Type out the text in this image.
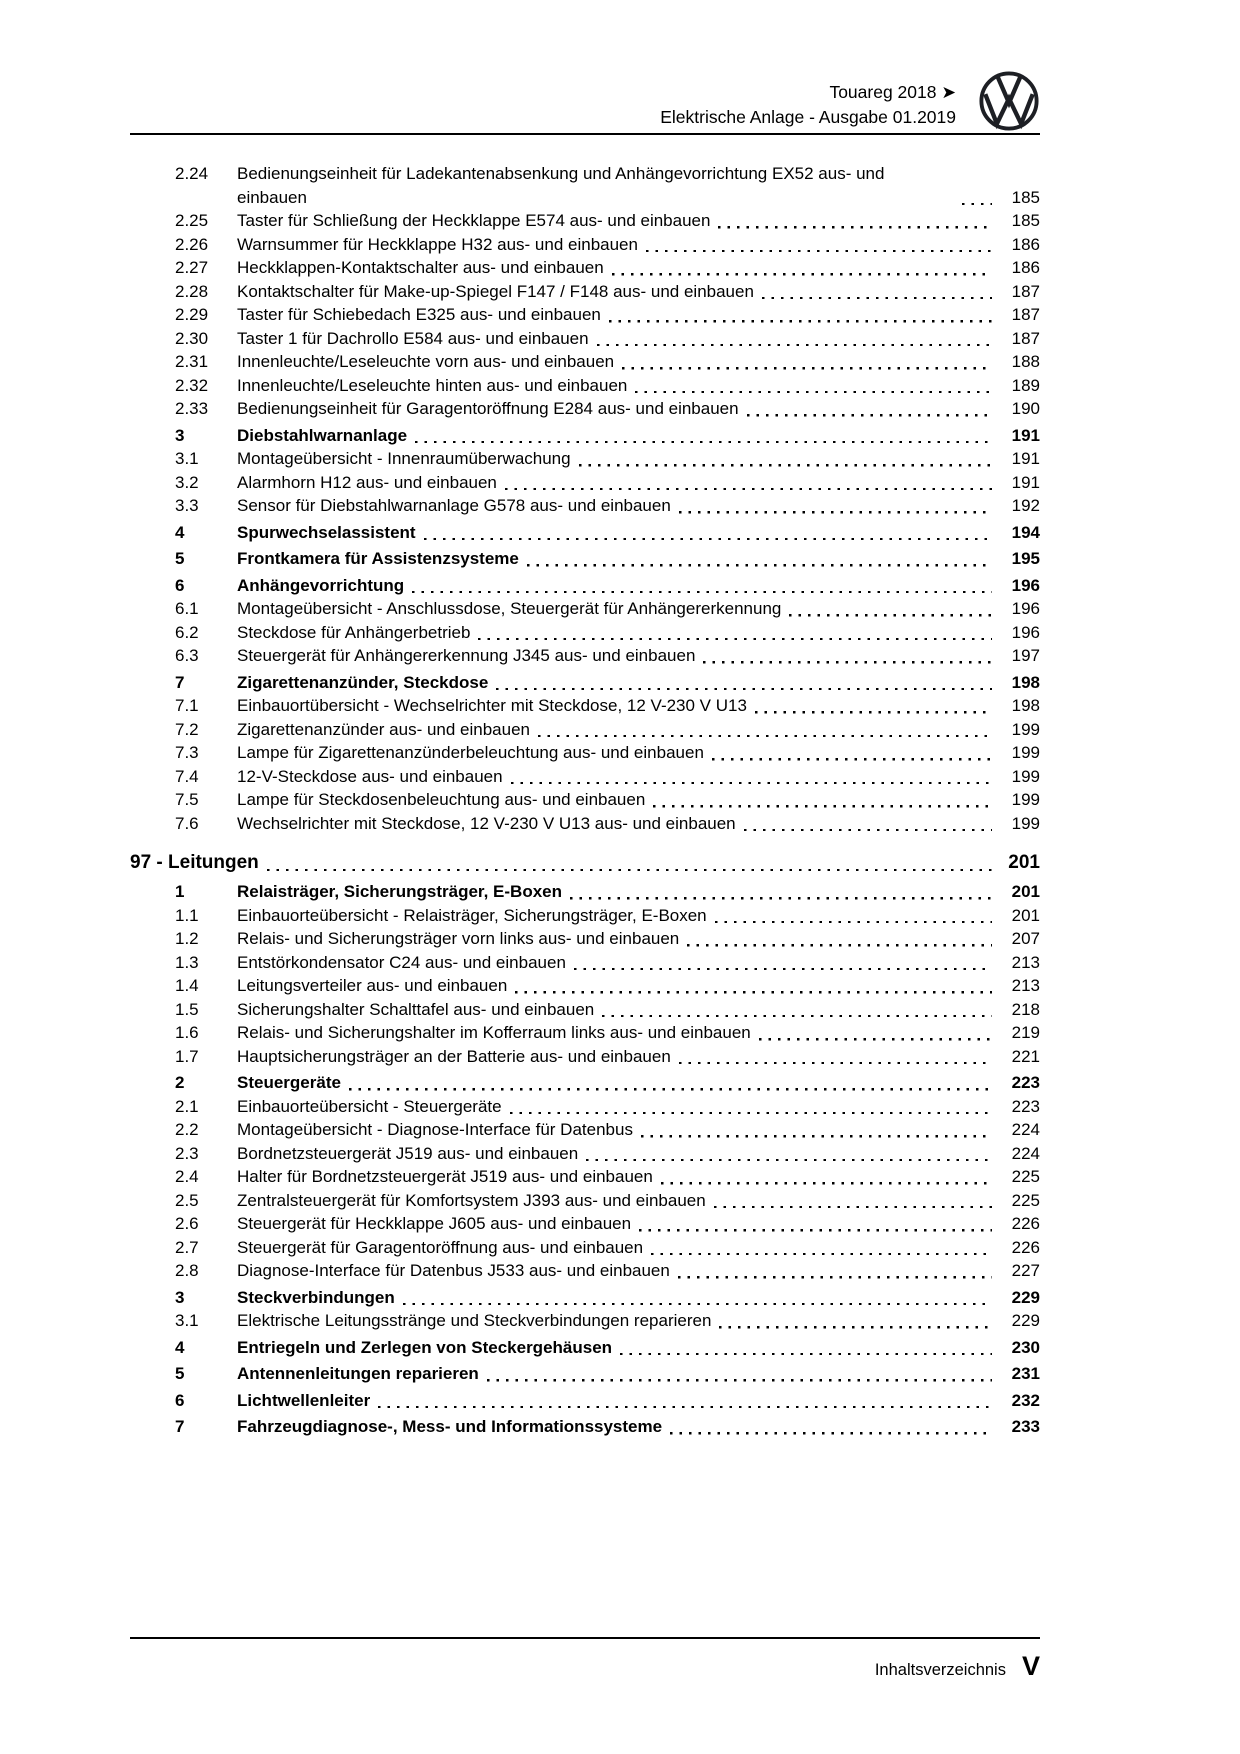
Touareg 2018 ➤
Elektrische Anlage - Ausgabe 01.2019
2.24	Bedienungseinheit für Ladekantenabsenkung und Anhängevorrichtung EX52 aus- und einbauen	185
2.25	Taster für Schließung der Heckklappe E574 aus- und einbauen	185
2.26	Warnsummer für Heckklappe H32 aus- und einbauen	186
2.27	Heckklappen-Kontaktschalter aus- und einbauen	186
2.28	Kontaktschalter für Make-up-Spiegel F147 / F148 aus- und einbauen	187
2.29	Taster für Schiebedach E325 aus- und einbauen	187
2.30	Taster 1 für Dachrollo E584 aus- und einbauen	187
2.31	Innenleuchte/Leseleuchte vorn aus- und einbauen	188
2.32	Innenleuchte/Leseleuchte hinten aus- und einbauen	189
2.33	Bedienungseinheit für Garagentoröffnung E284 aus- und einbauen	190
3	Diebstahlwarnanlage	191
3.1	Montageübersicht - Innenraumüberwachung	191
3.2	Alarmhorn H12 aus- und einbauen	191
3.3	Sensor für Diebstahlwarnanlage G578 aus- und einbauen	192
4	Spurwechselassistent	194
5	Frontkamera für Assistenzsysteme	195
6	Anhängevorrichtung	196
6.1	Montageübersicht - Anschlussdose, Steuergerät für Anhängererkennung	196
6.2	Steckdose für Anhängerbetrieb	196
6.3	Steuergerät für Anhängererkennung J345 aus- und einbauen	197
7	Zigarettenanzünder, Steckdose	198
7.1	Einbauortübersicht - Wechselrichter mit Steckdose, 12 V-230 V U13	198
7.2	Zigarettenanzünder aus- und einbauen	199
7.3	Lampe für Zigarettenanzünderbeleuchtung aus- und einbauen	199
7.4	12-V-Steckdose aus- und einbauen	199
7.5	Lampe für Steckdosenbeleuchtung aus- und einbauen	199
7.6	Wechselrichter mit Steckdose, 12 V-230 V U13 aus- und einbauen	199
97 - Leitungen	201
1	Relaisträger, Sicherungsträger, E-Boxen	201
1.1	Einbauorteübersicht - Relaisträger, Sicherungsträger, E-Boxen	201
1.2	Relais- und Sicherungsträger vorn links aus- und einbauen	207
1.3	Entstörkondensator C24 aus- und einbauen	213
1.4	Leitungsverteiler aus- und einbauen	213
1.5	Sicherungshalter Schalttafel aus- und einbauen	218
1.6	Relais- und Sicherungshalter im Kofferraum links aus- und einbauen	219
1.7	Hauptsicherungsträger an der Batterie aus- und einbauen	221
2	Steuergeräte	223
2.1	Einbauorteübersicht - Steuergeräte	223
2.2	Montageübersicht - Diagnose-Interface für Datenbus	224
2.3	Bordnetzsteuergerät J519 aus- und einbauen	224
2.4	Halter für Bordnetzsteuergerät J519 aus- und einbauen	225
2.5	Zentralsteuergerät für Komfortsystem J393 aus- und einbauen	225
2.6	Steuergerät für Heckklappe J605 aus- und einbauen	226
2.7	Steuergerät für Garagentoröffnung aus- und einbauen	226
2.8	Diagnose-Interface für Datenbus J533 aus- und einbauen	227
3	Steckverbindungen	229
3.1	Elektrische Leitungsstränge und Steckverbindungen reparieren	229
4	Entriegeln und Zerlegen von Steckergehäusen	230
5	Antennenleitungen reparieren	231
6	Lichtwellenleiter	232
7	Fahrzeugdiagnose-, Mess- und Informationssysteme	233
Inhaltsverzeichnis V
